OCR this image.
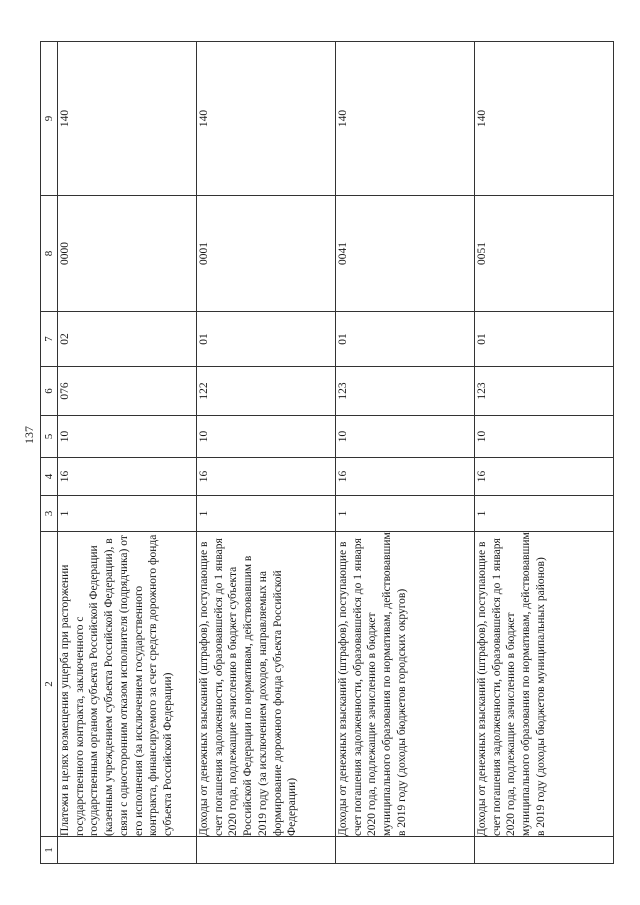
137
1	2	3	4	5	6	7	8	9
	Платежи в целях возмещения ущерба при расторжении государственного контракта, заключенного с государственным органом субъекта Российской Федерации (казенным учреждением субъекта Российской Федерации), в связи с односторонним отказом исполнителя (подрядчика) от его исполнения (за исключением государственного контракта, финансируемого за счет средств дорожного фонда субъекта Российской Федерации)	1	16	10	076	02	0000	140
	Доходы от денежных взысканий (штрафов), поступающие в счет погашения задолженности, образовавшейся до 1 января 2020 года, подлежащие зачислению в бюджет субъекта Российской Федерации по нормативам, действовавшим в 2019 году (за исключением доходов, направляемых на формирование дорожного фонда субъекта Российской Федерации)	1	16	10	122	01	0001	140
	Доходы от денежных взысканий (штрафов), поступающие в счет погашения задолженности, образовавшейся до 1 января 2020 года, подлежащие зачислению в бюджет муниципального образования по нормативам, действовавшим в 2019 году (доходы бюджетов городских округов)	1	16	10	123	01	0041	140
	Доходы от денежных взысканий (штрафов), поступающие в счет погашения задолженности, образовавшейся до 1 января 2020 года, подлежащие зачислению в бюджет муниципального образования по нормативам, действовавшим в 2019 году (доходы бюджетов муниципальных районов)	1	16	10	123	01	0051	140
